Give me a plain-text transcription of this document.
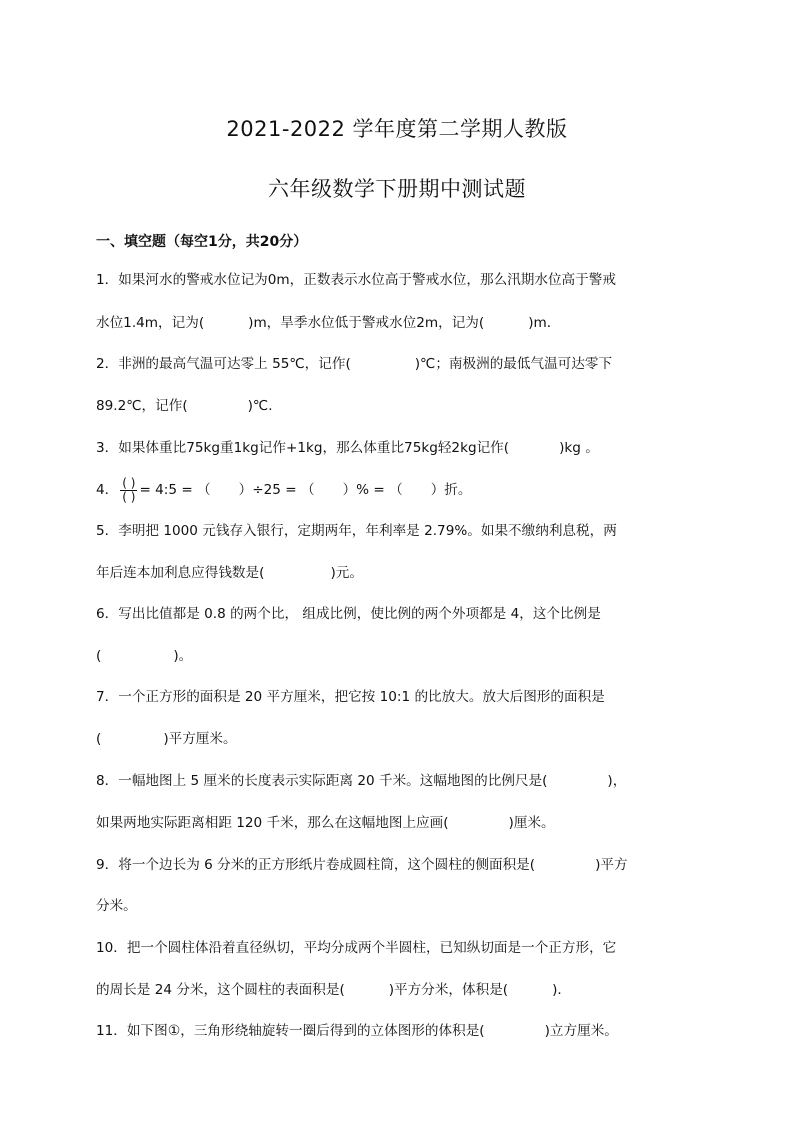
2021-2022 学年度第二学期人教版
六年级数学下册期中测试题

一、填空题（每空1分，共20分）

1．如果河水的警戒水位记为0m，正数表示水位高于警戒水位，那么汛期水位高于警戒

水位1.4m，记为(	)m，旱季水位低于警戒水位2m，记为(	)m．

2．非洲的最高气温可达零上 55℃，记作(	)℃；南极洲的最低气温可达零下

89.2℃，记作(	)℃．

3．如果体重比75kg重1kg记作+1kg，那么体重比75kg轻2kg记作(	)kg 。

4． $\frac{( )}{( )}$ = 4:5 = （ ）÷25 = （ ）% = （ ）折。

5．李明把 1000 元钱存入银行，定期两年，年利率是 2.79%。如果不缴纳利息税，两

年后连本加利息应得钱数是(	)元。

6．写出比值都是 0.8 的两个比， 组成比例，使比例的两个外项都是 4，这个比例是

(	)。

7．一个正方形的面积是 20 平方厘米，把它按 10:1 的比放大。放大后图形的面积是

(	)平方厘米。

8．一幅地图上 5 厘米的长度表示实际距离 20 千米。这幅地图的比例尺是(	)，

如果两地实际距离相距 120 千米，那么在这幅地图上应画(	)厘米。

9．将一个边长为 6 分米的正方形纸片卷成圆柱筒，这个圆柱的侧面积是(	)平方

分米。

10．把一个圆柱体沿着直径纵切，平均分成两个半圆柱，已知纵切面是一个正方形，它

的周长是 24 分米，这个圆柱的表面积是(	)平方分米，体积是(	)．

11．如下图①，三角形绕轴旋转一圈后得到的立体图形的体积是(	)立方厘米。
